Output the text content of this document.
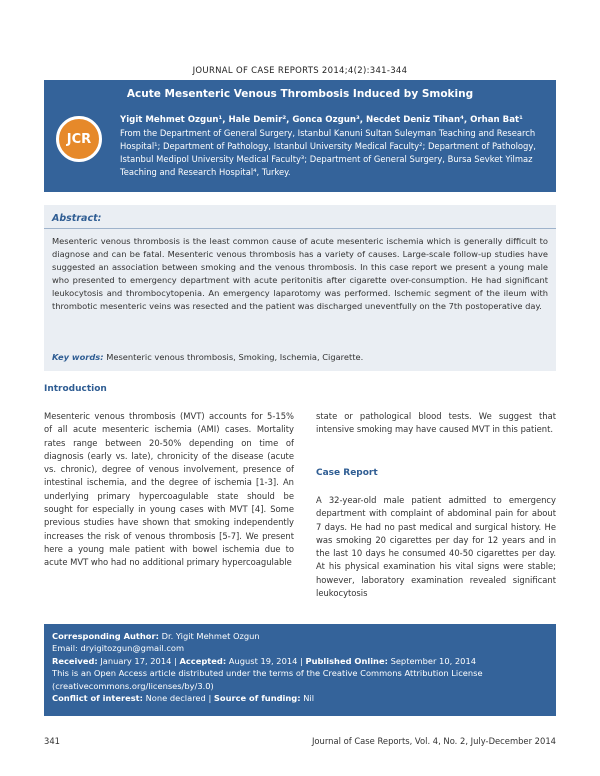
JOURNAL OF CASE REPORTS 2014;4(2):341-344
Acute Mesenteric Venous Thrombosis Induced by Smoking
JCR
Yigit Mehmet Ozgun¹, Hale Demir², Gonca Ozgun³, Necdet Deniz Tihan⁴, Orhan Bat¹
From the Department of General Surgery, Istanbul Kanuni Sultan Suleyman Teaching and Research Hospital¹; Department of Pathology, Istanbul University Medical Faculty²; Department of Pathology, Istanbul Medipol University Medical Faculty³; Department of General Surgery, Bursa Sevket Yilmaz Teaching and Research Hospital⁴, Turkey.
Abstract:
Mesenteric venous thrombosis is the least common cause of acute mesenteric ischemia which is generally difficult to diagnose and can be fatal. Mesenteric venous thrombosis has a variety of causes. Large-scale follow-up studies have suggested an association between smoking and the venous thrombosis. In this case report we present a young male who presented to emergency department with acute peritonitis after cigarette over-consumption. He had significant leukocytosis and thrombocytopenia. An emergency laparotomy was performed. Ischemic segment of the ileum with thrombotic mesenteric veins was resected and the patient was discharged uneventfully on the 7th postoperative day.
Key words: Mesenteric venous thrombosis, Smoking, Ischemia, Cigarette.
Introduction
Mesenteric venous thrombosis (MVT) accounts for 5-15% of all acute mesenteric ischemia (AMI) cases. Mortality rates range between 20-50% depending on time of diagnosis (early vs. late), chronicity of the disease (acute vs. chronic), degree of venous involvement, presence of intestinal ischemia, and the degree of ischemia [1-3]. An underlying primary hypercoagulable state should be sought for especially in young cases with MVT [4]. Some previous studies have shown that smoking independently increases the risk of venous thrombosis [5-7]. We present here a young male patient with bowel ischemia due to acute MVT who had no additional primary hypercoagulable
state or pathological blood tests. We suggest that intensive smoking may have caused MVT in this patient.
Case Report
A 32-year-old male patient admitted to emergency department with complaint of abdominal pain for about 7 days. He had no past medical and surgical history. He was smoking 20 cigarettes per day for 12 years and in the last 10 days he consumed 40-50 cigarettes per day. At his physical examination his vital signs were stable; however, laboratory examination revealed significant leukocytosis
Corresponding Author: Dr. Yigit Mehmet Ozgun
Email: dryigitozgun@gmail.com
Received: January 17, 2014 | Accepted: August 19, 2014 | Published Online: September 10, 2014
This is an Open Access article distributed under the terms of the Creative Commons Attribution License (creativecommons.org/licenses/by/3.0)
Conflict of interest: None declared | Source of funding: Nil
341	Journal of Case Reports, Vol. 4, No. 2, July-December 2014
